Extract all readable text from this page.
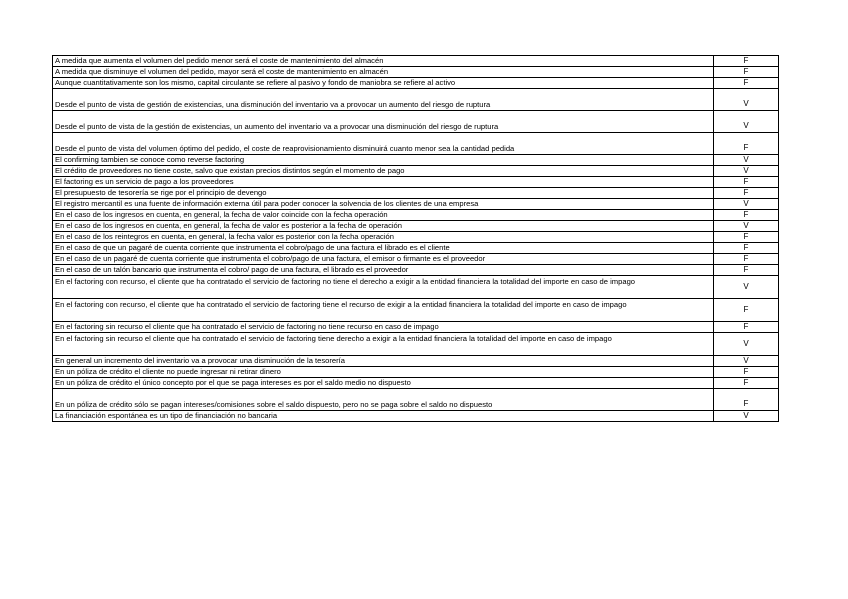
A medida que aumenta el volumen del pedido menor será el coste de mantenimiento del almacén	F
A medida que disminuye el volumen del pedido, mayor será el coste de mantenimiento en almacén	F
Aunque cuantitativamente son los mismo, capital circulante se refiere al pasivo y fondo de maniobra se refiere al activo	F
Desde el punto de vista de gestión de existencias, una disminución del inventario va a provocar un aumento del riesgo de ruptura	V
Desde el punto de vista de la gestión de existencias, un aumento del inventario va a provocar una disminución del riesgo de ruptura	V
Desde el punto de vista del volumen óptimo del pedido, el coste de reaprovisionamiento disminuirá cuanto menor sea la cantidad pedida	F
El confirming tambien se conoce como reverse factoring	V
El crédito de proveedores no tiene coste, salvo que existan precios distintos según el momento de pago	V
El factoring es un servicio de pago a los proveedores	F
El presupuesto de tesorería se rige por el principio de devengo	F
El registro mercantil es una fuente de información externa útil para poder conocer la solvencia de los clientes de una empresa	V
En el caso de los ingresos en cuenta, en general, la fecha de valor coincide con la fecha operación	F
En el caso de los ingresos en cuenta, en general, la fecha de valor es posterior a la fecha de operación	V
En el caso de los reintegros en cuenta, en general, la fecha valor es posterior con la fecha operación	F
En el caso de que un pagaré de cuenta corriente que instrumenta el cobro/pago de una factura el librado es el cliente	F
En el caso de un pagaré de cuenta corriente que instrumenta el cobro/pago de una factura, el emisor o firmante es el proveedor	F
En el caso de un talón bancario que instrumenta el cobro/ pago de una factura, el librado es el proveedor	F
En el factoring con recurso, el cliente que ha contratado el servicio de factoring no tiene el derecho a exigir a la entidad financiera la totalidad del importe en caso de impago	V
En el factoring con recurso, el cliente que ha contratado el servicio de factoring tiene el recurso de exigir a la entidad financiera la totalidad del importe en caso de impago	F
En el factoring sin recurso el cliente que ha contratado el servicio de factoring no tiene recurso en caso de impago	F
En el factoring sin recurso el cliente que ha contratado el servicio de factoring tiene derecho a exigir a la entidad financiera la totalidad del importe en caso de impago	V
En general un incremento del inventario va a provocar una disminución de la tesorería	V
En un póliza de crédito el cliente no puede ingresar ni retirar dinero	F
En un póliza de crédito el único concepto por el que se paga intereses es por el saldo medio no dispuesto	F
En un póliza de crédito sólo se pagan intereses/comisiones sobre el saldo dispuesto, pero no se paga sobre el saldo no dispuesto	F
La financiación espontánea es un tipo de financiación no bancaria	V
